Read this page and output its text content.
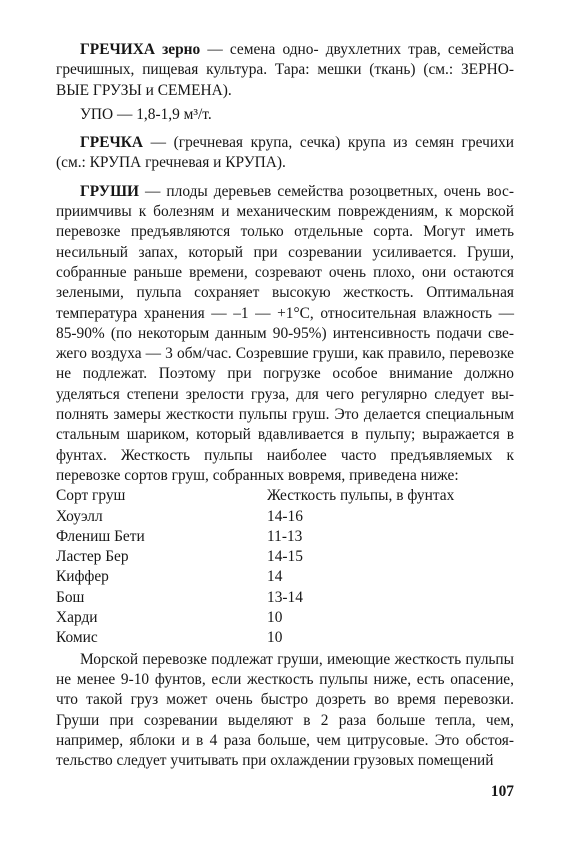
ГРЕЧИХА зерно — семена одно- двухлетних трав, семейства гречишных, пищевая культура. Тара: мешки (ткань) (см.: ЗЕРНОВЫЕ ГРУЗЫ и СЕМЕНА).

УПО — 1,8-1,9 м³/т.

ГРЕЧКА — (гречневая крупа, сечка) крупа из семян гречихи (см.: КРУПА гречневая и КРУПА).

ГРУШИ — плоды деревьев семейства розоцветных, очень восприимчивы к болезням и механическим повреждениям, к морской перевозке предъявляются только отдельные сорта. Могут иметь несильный запах, который при созревании усиливается. Груши, собранные раньше времени, созревают очень плохо, они остаются зелеными, пульпа сохраняет высокую жесткость. Оптимальная температура хранения — –1 — +1°С, относительная влажность — 85-90% (по некоторым данным 90-95%) интенсивность подачи свежего воздуха — 3 обм/час. Созревшие груши, как правило, перевозке не подлежат. Поэтому при погрузке особое внимание должно уделяться степени зрелости груза, для чего регулярно следует выполнять замеры жесткости пульпы груш. Это делается специальным стальным шариком, который вдавливается в пульпу; выражается в фунтах. Жесткость пульпы наиболее часто предъявляемых к перевозке сортов груш, собранных вовремя, приведена ниже:

Сорт груш	Жесткость пульпы, в фунтах
Хоуэлл	14-16
Флениш Бети	11-13
Ластер Бер	14-15
Киффер	14
Бош	13-14
Харди	10
Комис	10

Морской перевозке подлежат груши, имеющие жесткость пульпы не менее 9-10 фунтов, если жесткость пульпы ниже, есть опасение, что такой груз может очень быстро дозреть во время перевозки. Груши при созревании выделяют в 2 раза больше тепла, чем, например, яблоки и в 4 раза больше, чем цитрусовые. Это обстоятельство следует учитывать при охлаждении грузовых помещений

107
